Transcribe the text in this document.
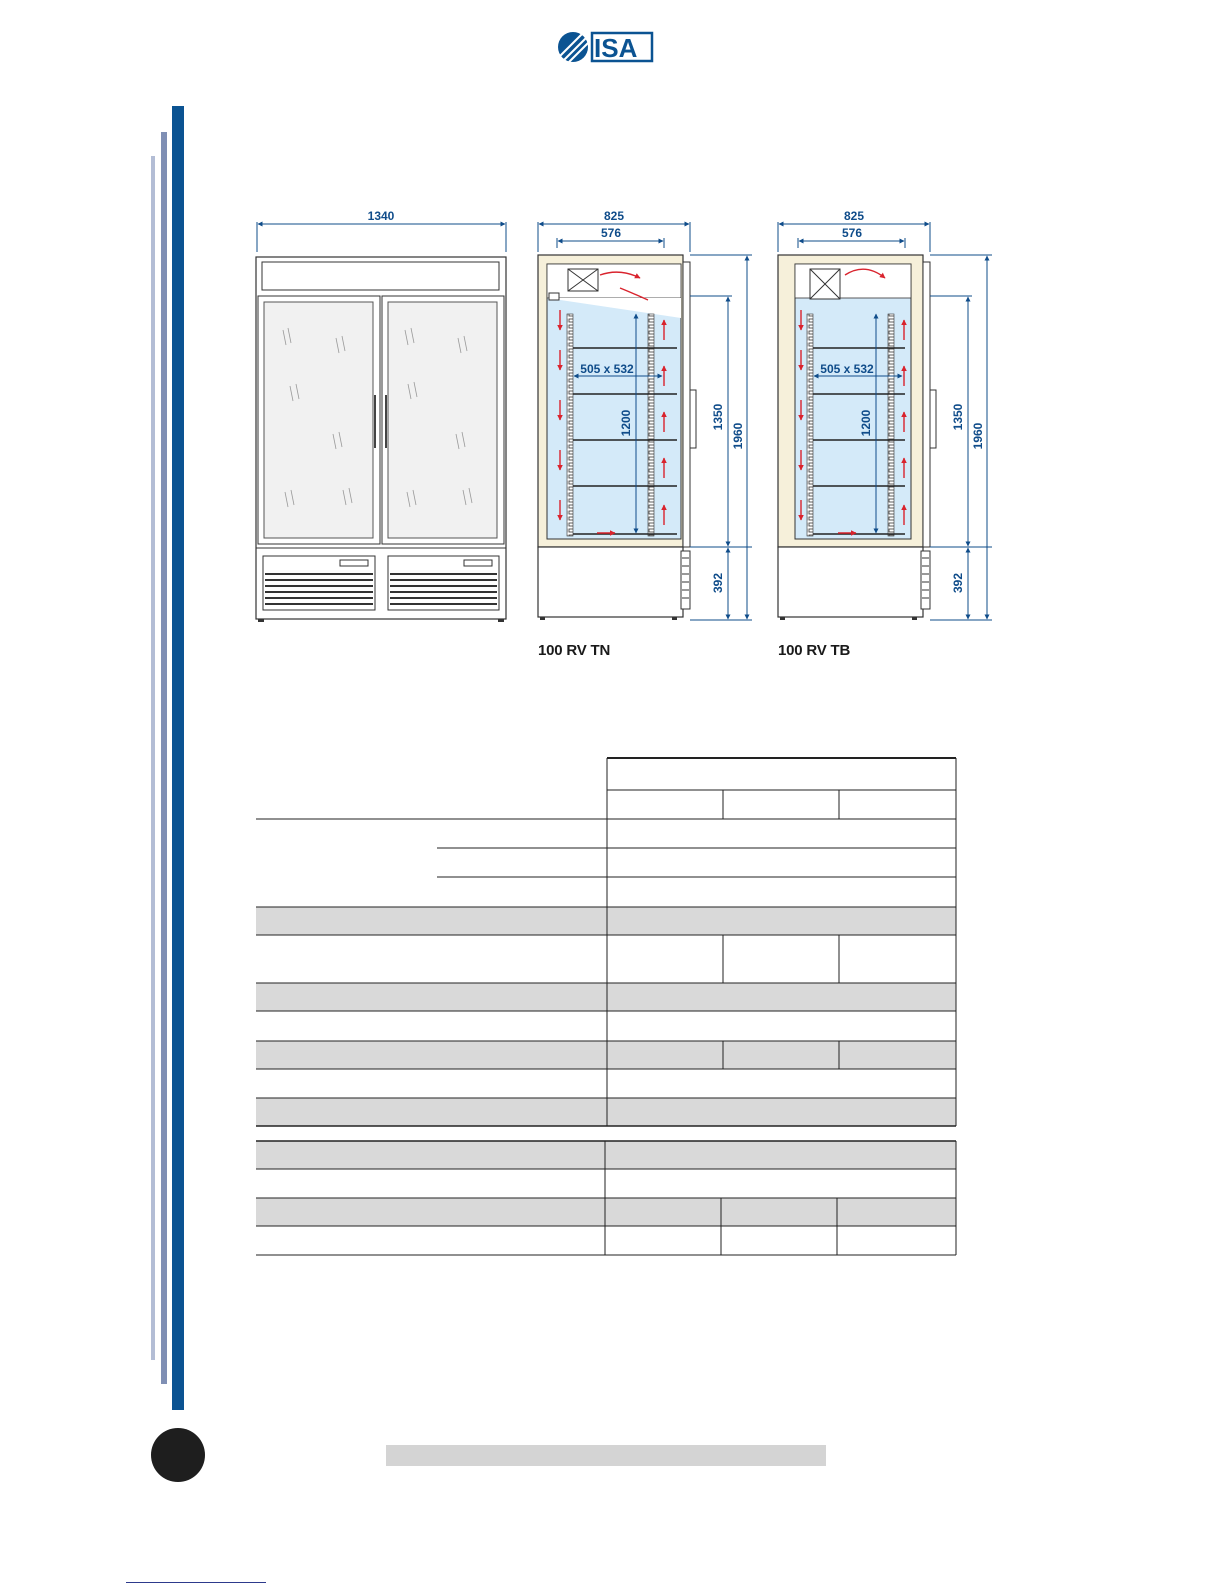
ISA
1340	825
576
505 x 532
1200	1350
1960
392
825
576
505 x 532
1200	1350
1960
392
100 RV TN	100 RV TB
